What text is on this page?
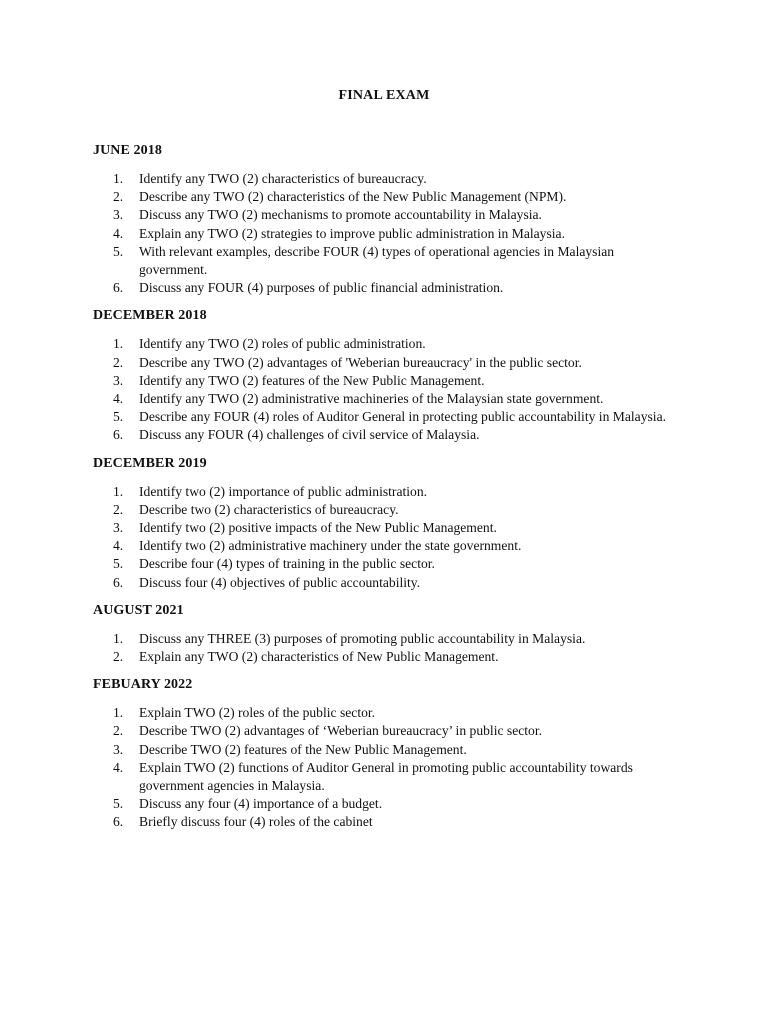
FINAL EXAM
JUNE 2018
1. Identify any TWO (2) characteristics of bureaucracy.
2. Describe any TWO (2) characteristics of the New Public Management (NPM).
3. Discuss any TWO (2) mechanisms to promote accountability in Malaysia.
4. Explain any TWO (2) strategies to improve public administration in Malaysia.
5. With relevant examples, describe FOUR (4) types of operational agencies in Malaysian government.
6. Discuss any FOUR (4) purposes of public financial administration.
DECEMBER 2018
1. Identify any TWO (2) roles of public administration.
2. Describe any TWO (2) advantages of 'Weberian bureaucracy' in the public sector.
3. Identify any TWO (2) features of the New Public Management.
4. Identify any TWO (2) administrative machineries of the Malaysian state government.
5. Describe any FOUR (4) roles of Auditor General in protecting public accountability in Malaysia.
6. Discuss any FOUR (4) challenges of civil service of Malaysia.
DECEMBER 2019
1. Identify two (2) importance of public administration.
2. Describe two (2) characteristics of bureaucracy.
3. Identify two (2) positive impacts of the New Public Management.
4. Identify two (2) administrative machinery under the state government.
5. Describe four (4) types of training in the public sector.
6. Discuss four (4) objectives of public accountability.
AUGUST 2021
1. Discuss any THREE (3) purposes of promoting public accountability in Malaysia.
2. Explain any TWO (2) characteristics of New Public Management.
FEBUARY 2022
1. Explain TWO (2) roles of the public sector.
2. Describe TWO (2) advantages of ‘Weberian bureaucracy’ in public sector.
3. Describe TWO (2) features of the New Public Management.
4. Explain TWO (2) functions of Auditor General in promoting public accountability towards government agencies in Malaysia.
5. Discuss any four (4) importance of a budget.
6. Briefly discuss four (4) roles of the cabinet
